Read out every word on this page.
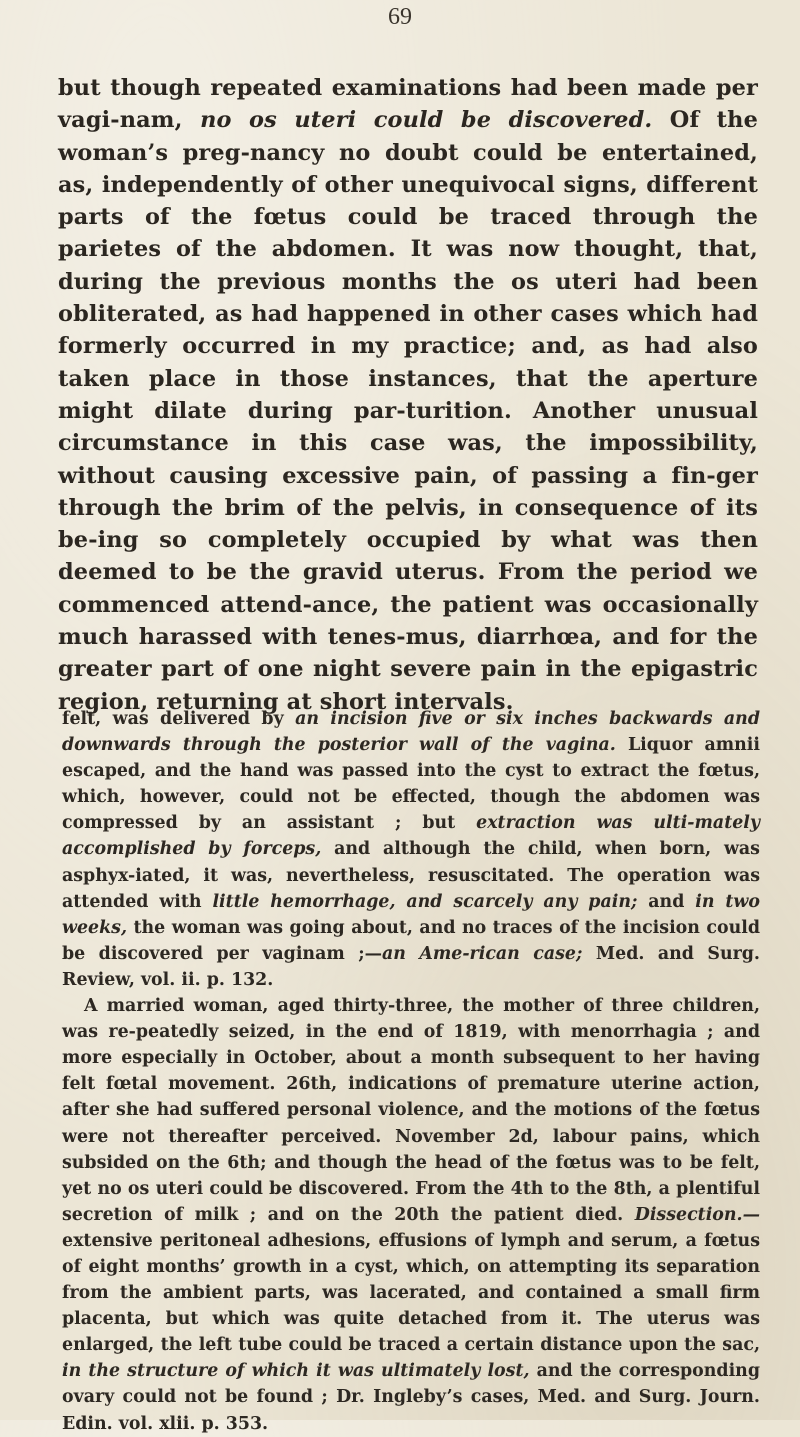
69

but though repeated examinations had been made per vagi-nam, no os uteri could be discovered. Of the woman’s preg-nancy no doubt could be entertained, as, independently of other unequivocal signs, different parts of the fœtus could be traced through the parietes of the abdomen. It was now thought, that, during the previous months the os uteri had been obliterated, as had happened in other cases which had formerly occurred in my practice; and, as had also taken place in those instances, that the aperture might dilate during par-turition. Another unusual circumstance in this case was, the impossibility, without causing excessive pain, of passing a fin-ger through the brim of the pelvis, in consequence of its be-ing so completely occupied by what was then deemed to be the gravid uterus. From the period we commenced attend-ance, the patient was occasionally much harassed with tenes-mus, diarrhœa, and for the greater part of one night severe pain in the epigastric region, returning at short intervals.

felt, was delivered by an incision five or six inches backwards and downwards through the posterior wall of the vagina. Liquor amnii escaped, and the hand was passed into the cyst to extract the fœtus, which, however, could not be effected, though the abdomen was compressed by an assistant ; but extraction was ulti-mately accomplished by forceps, and although the child, when born, was asphyx-iated, it was, nevertheless, resuscitated. The operation was attended with little hemorrhage, and scarcely any pain; and in two weeks, the woman was going about, and no traces of the incision could be discovered per vaginam ;—an Ame-rican case; Med. and Surg. Review, vol. ii. p. 132.

A married woman, aged thirty-three, the mother of three children, was re-peatedly seized, in the end of 1819, with menorrhagia ; and more especially in October, about a month subsequent to her having felt fœtal movement. 26th, indications of premature uterine action, after she had suffered personal violence, and the motions of the fœtus were not thereafter perceived. November 2d, labour pains, which subsided on the 6th; and though the head of the fœtus was to be felt, yet no os uteri could be discovered. From the 4th to the 8th, a plentiful secretion of milk ; and on the 20th the patient died. Dissection.— extensive peritoneal adhesions, effusions of lymph and serum, a fœtus of eight months’ growth in a cyst, which, on attempting its separation from the ambient parts, was lacerated, and contained a small firm placenta, but which was quite detached from it. The uterus was enlarged, the left tube could be traced a certain distance upon the sac, in the structure of which it was ultimately lost, and the corresponding ovary could not be found ; Dr. Ingleby’s cases, Med. and Surg. Journ. Edin. vol. xlii. p. 353.
